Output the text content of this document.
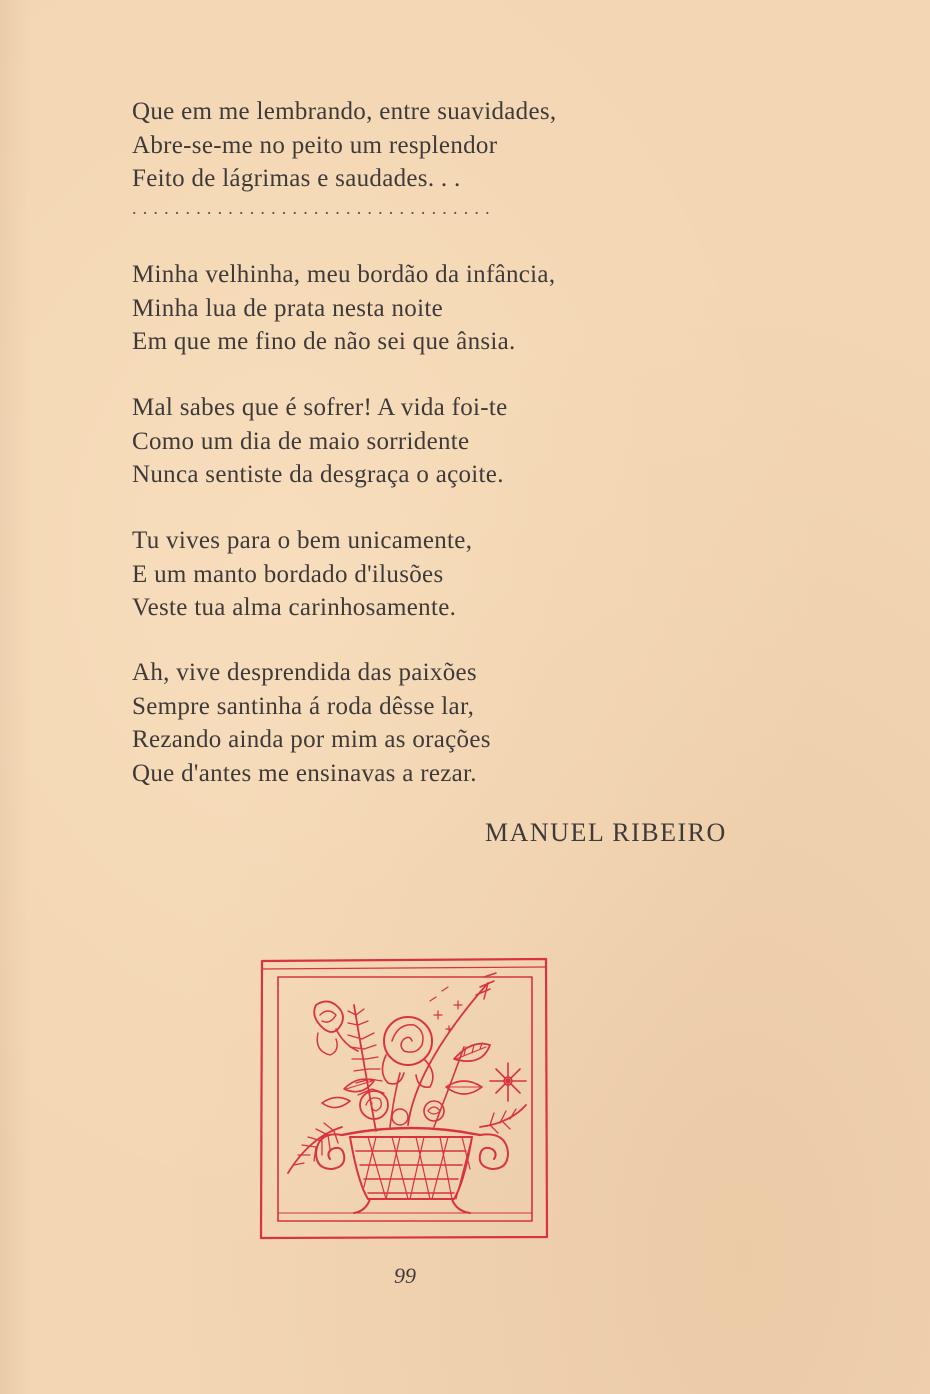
Que em me lembrando, entre suavidades,
Abre-se-me no peito um resplendor
Feito de lágrimas e saudades. . .
..................................
Minha velhinha, meu bordão da infância,
Minha lua de prata nesta noite
Em que me fino de não sei que ânsia.
Mal sabes que é sofrer! A vida foi-te
Como um dia de maio sorridente
Nunca sentiste da desgraça o açoite.
Tu vives para o bem unicamente,
E um manto bordado d'ilusões
Veste tua alma carinhosamente.
Ah, vive desprendida das paixões
Sempre santinha á roda dêsse lar,
Rezando ainda por mim as orações
Que d'antes me ensinavas a rezar.
MANUEL RIBEIRO
99
